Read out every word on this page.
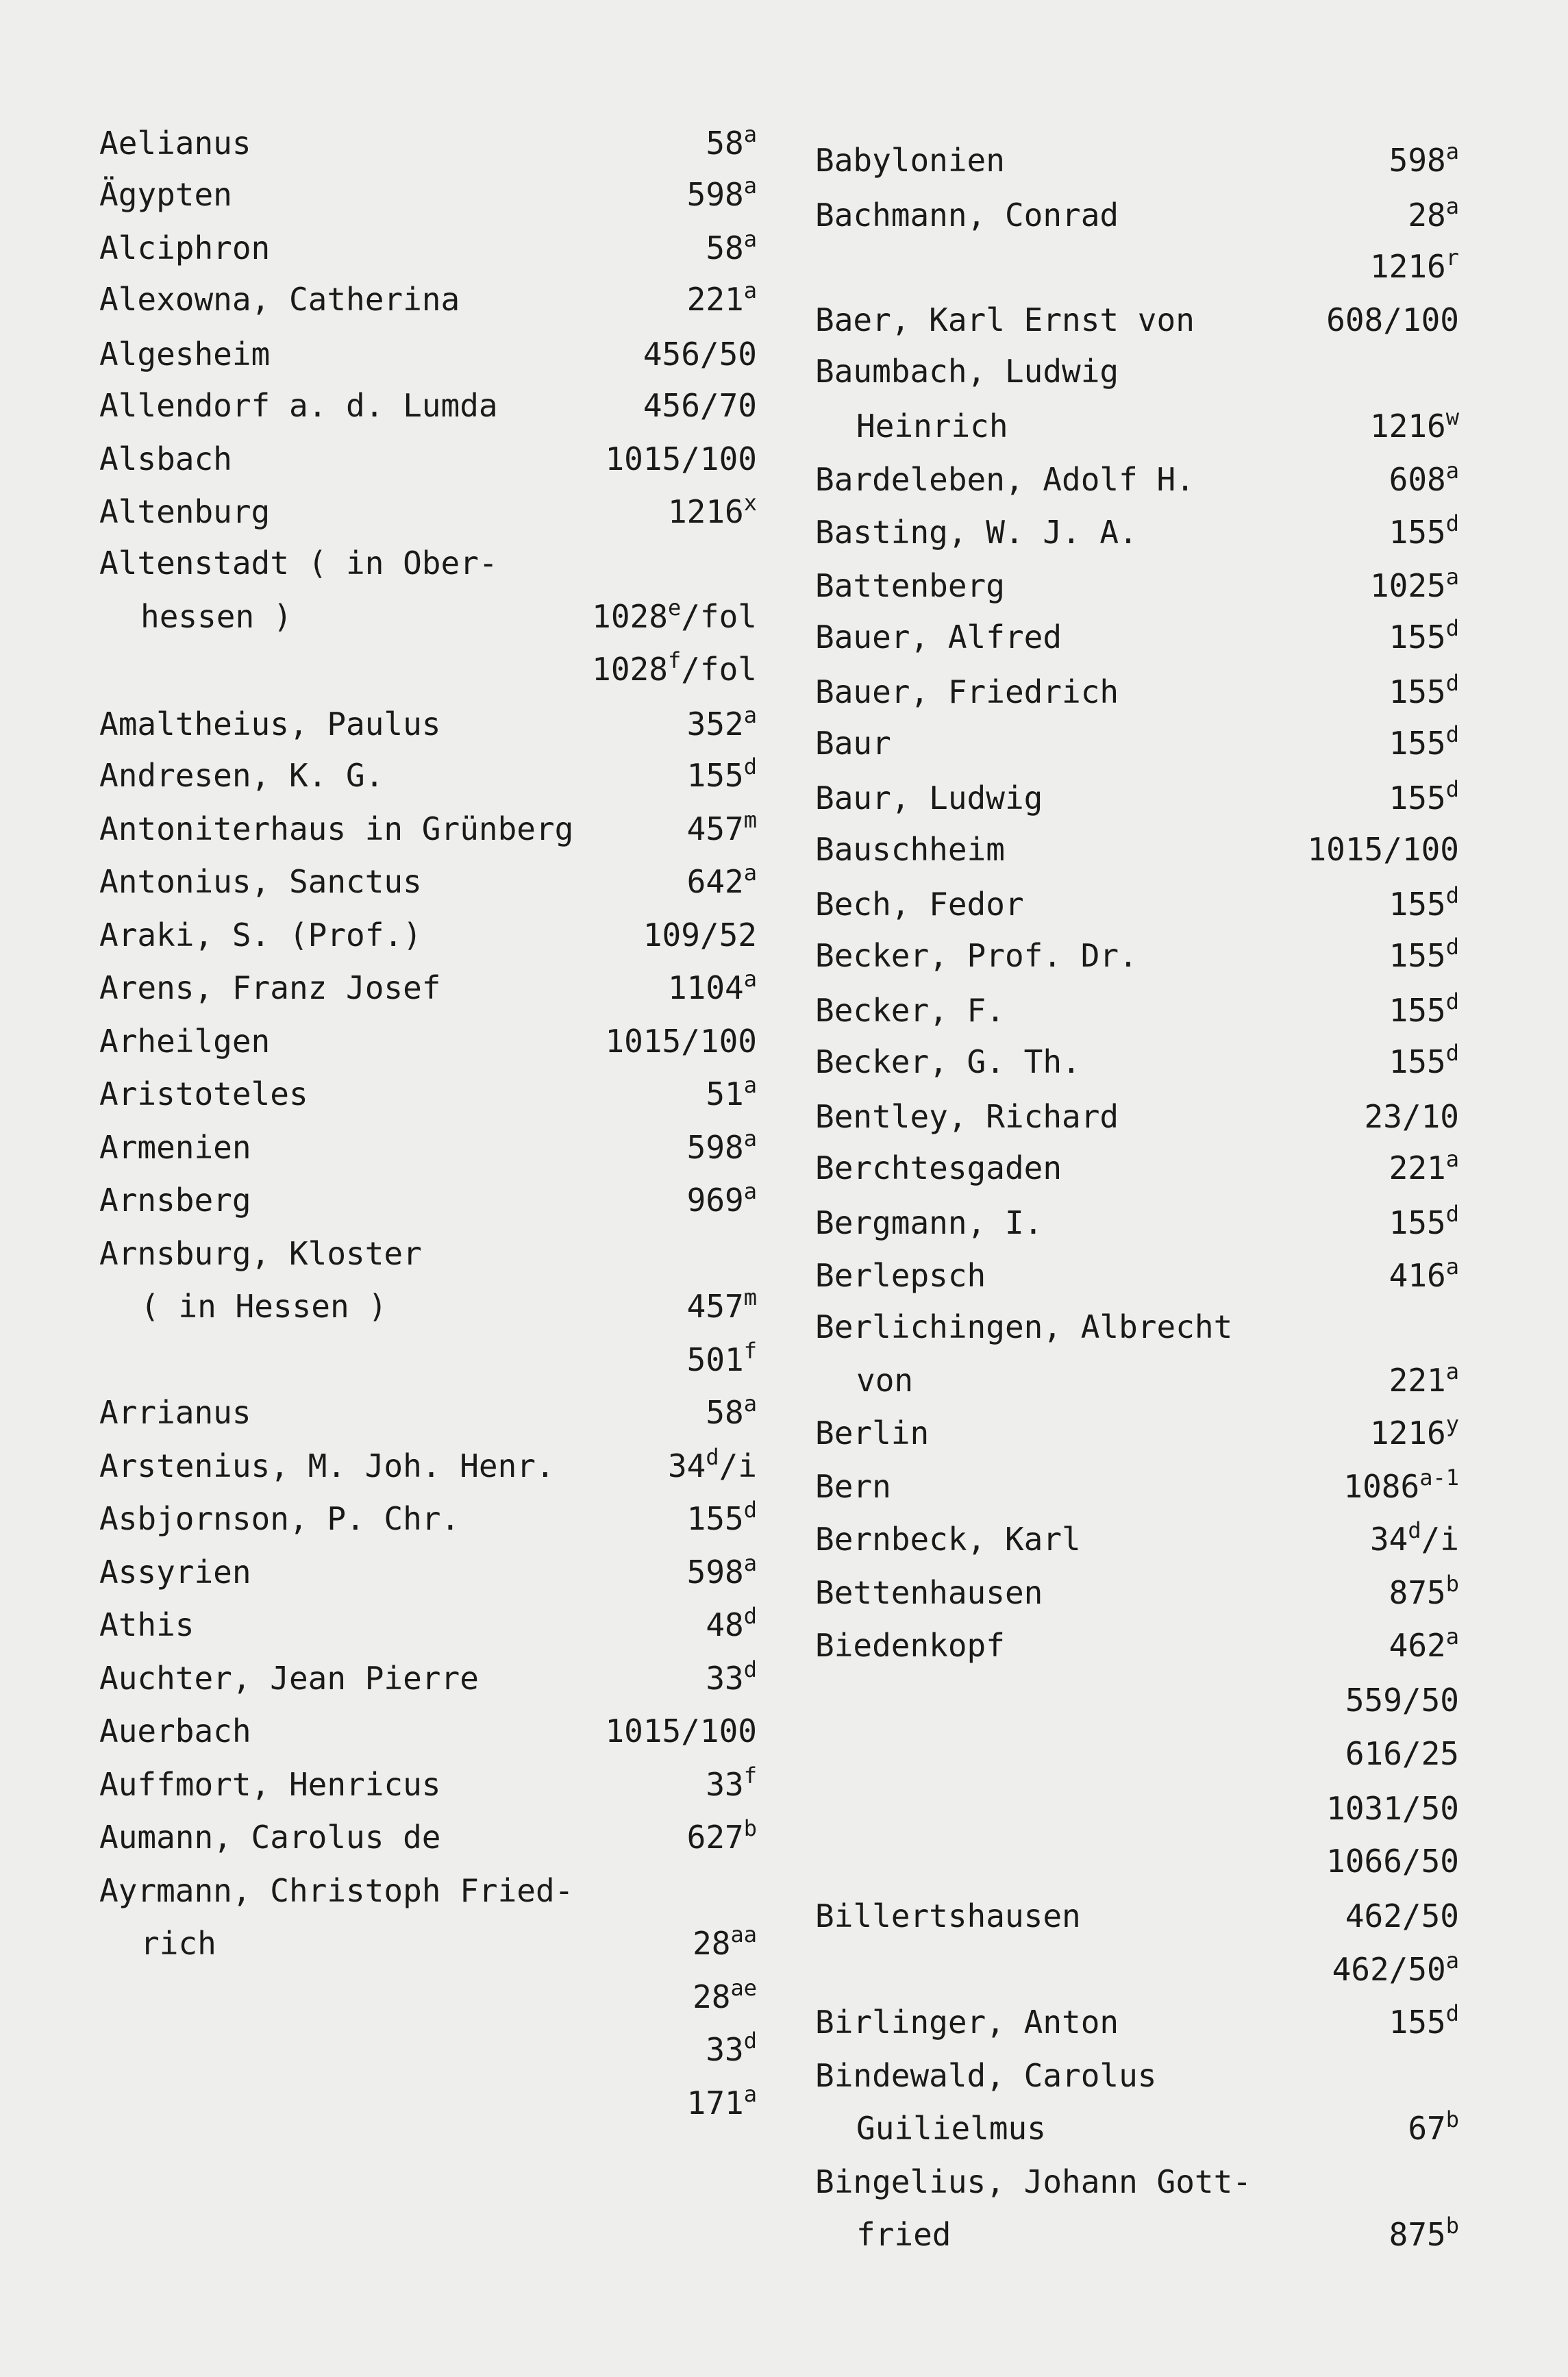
Aelianus	58$^a$
Ägypten	598$^a$
Alciphron	58$^a$
Alexowna, Catherina	221$^a$
Algesheim	456/50
Allendorf a. d. Lumda	456/70
Alsbach	1015/100
Altenburg	1216$^x$
Altenstadt ( in Ober-
hessen )	1028e/fol
1028$^f$/fol
Amaltheius, Paulus	352$^a$
Andresen, K. G.	155$^d$
Antoniterhaus in Grünberg	457$^m$
Antonius, Sanctus	642$^a$
Araki, S. (Prof.)	109/52
Arens, Franz Josef	1104$^a$
Arheilgen	1015/100
Aristoteles	51$^a$
Armenien	598$^a$
Arnsberg	969$^a$
Arnsburg, Kloster
( in Hessen )	457$^m$
501$^f$
Arrianus	58$^a$
Arstenius, M. Joh. Henr.	34$^d$/i
Asbjornson, P. Chr.	155$^d$
Assyrien	598$^a$
Athis	48$^d$
Auchter, Jean Pierre	33$^d$
Auerbach	1015/100
Auffmort, Henricus	33$^f$
Aumann, Carolus de	627$^b$
Ayrmann, Christoph Fried-
rich	$28^{aa}$
$28^{ae}$
33$^d$
171$^a$
Babylonien	598$^a$
Bachmann, Conrad	28$^a$
1216$^r$
Baer, Karl Ernst von	608/100
Baumbach, Ludwig
Heinrich	1216$^w$
Bardeleben, Adolf H.	608$^a$
Basting, W. J. A.	155$^d$
Battenberg	1025$^a$
Bauer, Alfred	155$^d$
Bauer, Friedrich	155$^d$
Baur	155$^d$
Baur, Ludwig	155$^d$
Bauschheim	1015/100
Bech, Fedor	155$^d$
Becker, Prof. Dr.	155$^d$
Becker, F.	155$^d$
Becker, G. Th.	155$^d$
Bentley, Richard	23/10
Berchtesgaden	221$^a$
Bergmann, I.	155$^d$
Berlepsch	416$^a$
Berlichingen, Albrecht
von	221$^a$
Berlin	1216$^y$
Bern	1086$^{a-1}$
Bernbeck, Karl	34$^d$/i
Bettenhausen	875$^b$
Biedenkopf	462$^a$
559/50
616/25
1031/50
1066/50
Billertshausen	462/50
462/50$^a$
Birlinger, Anton	155$^d$
Bindewald, Carolus
Guilielmus	67$^b$
Bingelius, Johann Gott-
fried	875$^b$
